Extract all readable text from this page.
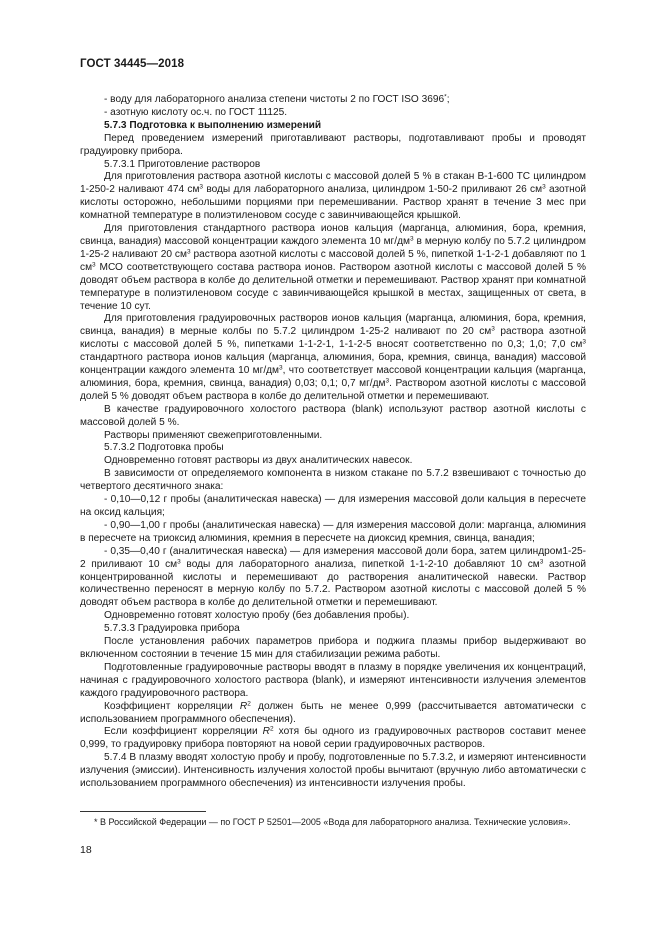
ГОСТ 34445—2018

- воду для лабораторного анализа степени чистоты 2 по ГОСТ ISO 3696*;

- азотную кислоту ос.ч. по ГОСТ 11125.

5.7.3 Подготовка к выполнению измерений

Перед проведением измерений приготавливают растворы, подготавливают пробы и проводят градуировку прибора.

5.7.3.1 Приготовление растворов

Для приготовления раствора азотной кислоты с массовой долей 5 % в стакан В-1-600 ТС цилиндром 1-250-2 наливают 474 $см^3$ воды для лабораторного анализа, цилиндром 1-50-2 приливают 26 $см^3$ азотной кислоты осторожно, небольшими порциями при перемешивании. Раствор хранят в течение 3 мес при комнатной температуре в полиэтиленовом сосуде с завинчивающейся крышкой.

Для приготовления стандартного раствора ионов кальция (марганца, алюминия, бора, кремния, свинца, ванадия) массовой концентрации каждого элемента 10 $мг/дм^3$ в мерную колбу по 5.7.2 цилиндром 1-25-2 наливают 20 $см^3$ раствора азотной кислоты с массовой долей 5 %, пипеткой 1-1-2-1 добавляют по 1 $см^3$ МСО соответствующего состава раствора ионов. Раствором азотной кислоты с массовой долей 5 % доводят объем раствора в колбе до делительной отметки и перемешивают. Раствор хранят при комнатной температуре в полиэтиленовом сосуде с завинчивающейся крышкой в местах, защищенных от света, в течение 10 сут.

Для приготовления градуировочных растворов ионов кальция (марганца, алюминия, бора, кремния, свинца, ванадия) в мерные колбы по 5.7.2 цилиндром 1-25-2 наливают по 20 $см^3$ раствора азотной кислоты с массовой долей 5 %, пипетками 1-1-2-1, 1-1-2-5 вносят соответственно по 0,3; 1,0; 7,0 $см^3$ стандартного раствора ионов кальция (марганца, алюминия, бора, кремния, свинца, ванадия) массовой концентрации каждого элемента 10 $мг/дм^3$, что соответствует массовой концентрации кальция (марганца, алюминия, бора, кремния, свинца, ванадия) 0,03; 0,1; 0,7 $мг/дм^3$. Раствором азотной кислоты с массовой долей 5 % доводят объем раствора в колбе до делительной отметки и перемешивают.

В качестве градуировочного холостого раствора (blank) используют раствор азотной кислоты с массовой долей 5 %.

Растворы применяют свежеприготовленными.

5.7.3.2 Подготовка пробы

Одновременно готовят растворы из двух аналитических навесок.

В зависимости от определяемого компонента в низком стакане по 5.7.2 взвешивают с точностью до четвертого десятичного знака:

- 0,10—0,12 г пробы (аналитическая навеска) — для измерения массовой доли кальция в пересчете на оксид кальция;

- 0,90—1,00 г пробы (аналитическая навеска) — для измерения массовой доли: марганца, алюминия в пересчете на триоксид алюминия, кремния в пересчете на диоксид кремния, свинца, ванадия;

- 0,35—0,40 г (аналитическая навеска) — для измерения массовой доли бора, затем цилиндром1-25-2 приливают 10 $см^3$ воды для лабораторного анализа, пипеткой 1-1-2-10 добавляют 10 $см^3$ азотной концентрированной кислоты и перемешивают до растворения аналитической навески. Раствор количественно переносят в мерную колбу по 5.7.2. Раствором азотной кислоты с массовой долей 5 % доводят объем раствора в колбе до делительной отметки и перемешивают.

Одновременно готовят холостую пробу (без добавления пробы).

5.7.3.3 Градуировка прибора

После установления рабочих параметров прибора и поджига плазмы прибор выдерживают во включенном состоянии в течение 15 мин для стабилизации режима работы.

Подготовленные градуировочные растворы вводят в плазму в порядке увеличения их концентраций, начиная с градуировочного холостого раствора (blank), и измеряют интенсивности излучения элементов каждого градуировочного раствора.

Коэффициент корреляции $R^2$ должен быть не менее 0,999 (рассчитывается автоматически с использованием программного обеспечения).

Если коэффициент корреляции $R^2$ хотя бы одного из градуировочных растворов составит менее 0,999, то градуировку прибора повторяют на новой серии градуировочных растворов.

5.7.4 В плазму вводят холостую пробу и пробу, подготовленные по 5.7.3.2, и измеряют интенсивности излучения (эмиссии). Интенсивность излучения холостой пробы вычитают (вручную либо автоматически с использованием программного обеспечения) из интенсивности излучения пробы.

* В Российской Федерации — по ГОСТ Р 52501—2005 «Вода для лабораторного анализа. Технические условия».

18
